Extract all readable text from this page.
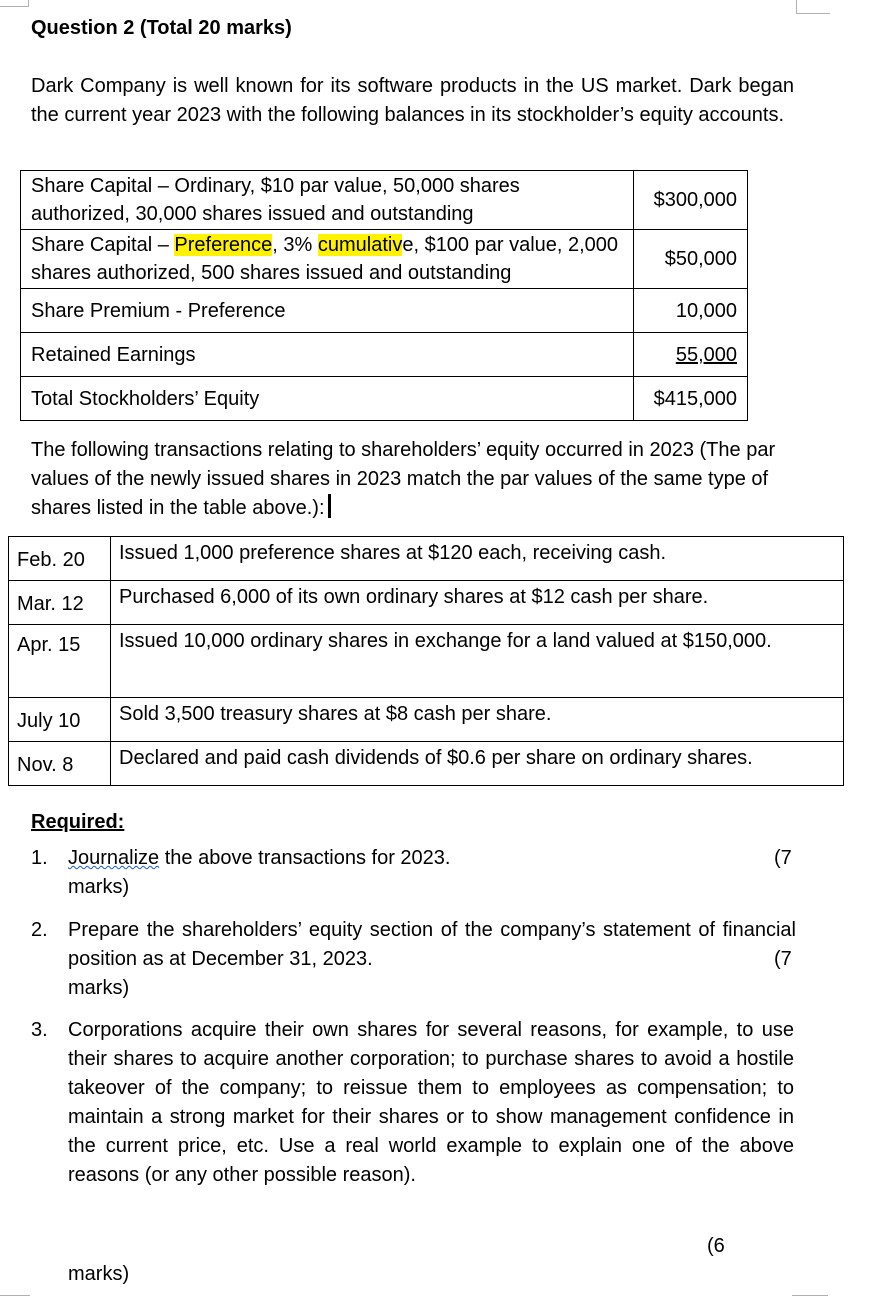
Question 2 (Total 20 marks)
Dark Company is well known for its software products in the US market. Dark began the current year 2023 with the following balances in its stockholder’s equity accounts.
Share Capital – Ordinary, $10 par value, 50,000 shares authorized, 30,000 shares issued and outstanding	$300,000
Share Capital – Preference, 3% cumulative, $100 par value, 2,000 shares authorized, 500 shares issued and outstanding	$50,000
Share Premium - Preference	10,000
Retained Earnings	55,000
Total Stockholders’ Equity	$415,000
The following transactions relating to shareholders’ equity occurred in 2023 (The par values of the newly issued shares in 2023 match the par values of the same type of shares listed in the table above.):
Feb. 20	Issued 1,000 preference shares at $120 each, receiving cash.
Mar. 12	Purchased 6,000 of its own ordinary shares at $12 cash per share.
Apr. 15	Issued 10,000 ordinary shares in exchange for a land valued at $150,000.
July 10	Sold 3,500 treasury shares at $8 cash per share.
Nov. 8	Declared and paid cash dividends of $0.6 per share on ordinary shares.
Required:
1. Journalize the above transactions for 2023.	(7
marks)
2. Prepare the shareholders’ equity section of the company’s statement of financial position as at December 31, 2023.	(7
marks)
3. Corporations acquire their own shares for several reasons, for example, to use their shares to acquire another corporation; to purchase shares to avoid a hostile takeover of the company; to reissue them to employees as compensation; to maintain a strong market for their shares or to show management confidence in the current price, etc. Use a real world example to explain one of the above reasons (or any other possible reason).
(6
marks)
